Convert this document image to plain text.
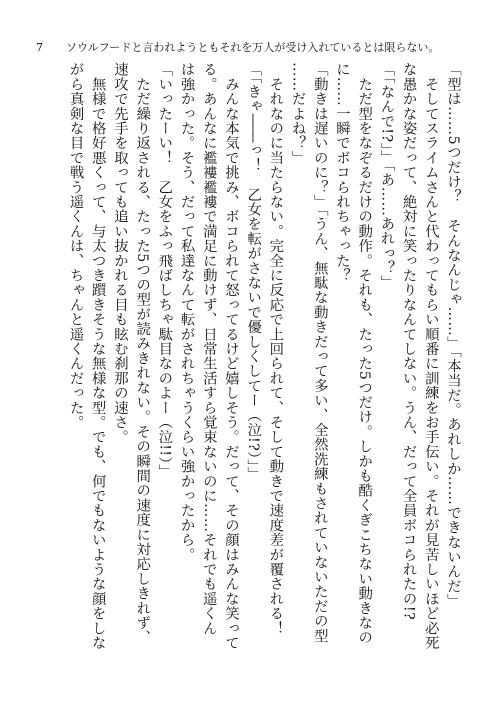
7 ソウルフードと言われようともそれを万人が受け入れているとは限らない。

「型は……5つだけ？　そんなんじゃ……」「本当だ。あれしか……できないんだ」

　そしてスライムさんと代わってもらい順番に訓練をお手伝い。それが見苦しいほど必死

な愚かな姿だって、絶対に笑ったりなんてしない。うん、だって全員ボコられたの!?

「「なんで!?」」「あ……あれっ？」

　ただ型をなぞるだけの動作。それも、たった5つだけ。しかも酷くぎこちない動きなの

に……一瞬でボコられちゃった？

「動きは遅いのに？」「うん、無駄な動きだって多い、全然洗練もされていないただの型

……だよね？」

　それなのに当たらない。完全に反応で上回られて、そして動きで速度差が覆される！

「「きゃ――っ！　乙女を転がさないで優しくしてー（泣!?）」」

　みんな本気で挑み、ボコられて怒ってるけど嬉しそう。だって、その顔はみんな笑って

る。あんなに襤褸襤褸で満足に動けず、日常生活すら覚束ないのに……それでも遥くん

は強かった。そう、だって私達なんて転がされちゃうくらい強かったから。

「いったーい！　乙女をふっ飛ばしちゃ駄目なのよー（泣!!）」

　ただ繰り返される、たった5つの型が読みきれない。その瞬間の速度に対応しきれず、

速攻で先手を取っても追い抜かれる目も眩む刹那の速さ。

　無様で格好悪くって、与太つき躓きそうな無様な型。でも、何でもないような顔をしな

がら真剣な目で戦う遥くんは、ちゃんと遥くんだった。
